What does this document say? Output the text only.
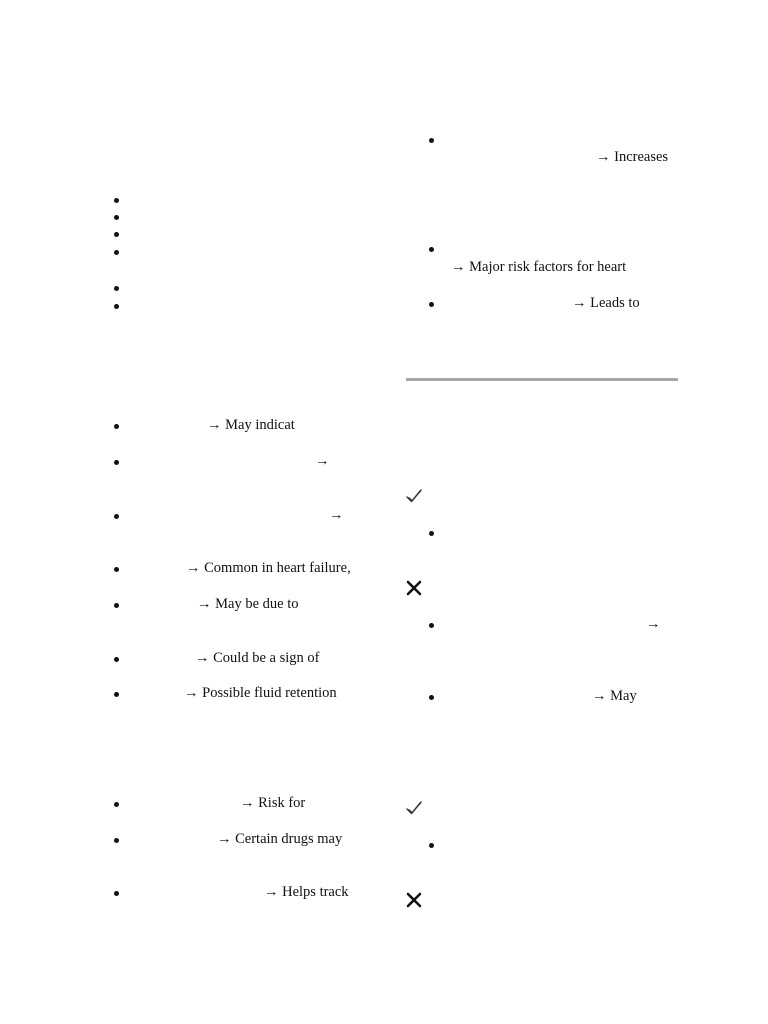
→ May indicat
→
→
→ Common in heart failure,
→ May be due to
→ Could be a sign of
→ Possible fluid retention
→ Risk for
→ Certain drugs may
→ Helps track
→ Increases
→ Major risk factors for heart
→ Leads to
→
→ May
